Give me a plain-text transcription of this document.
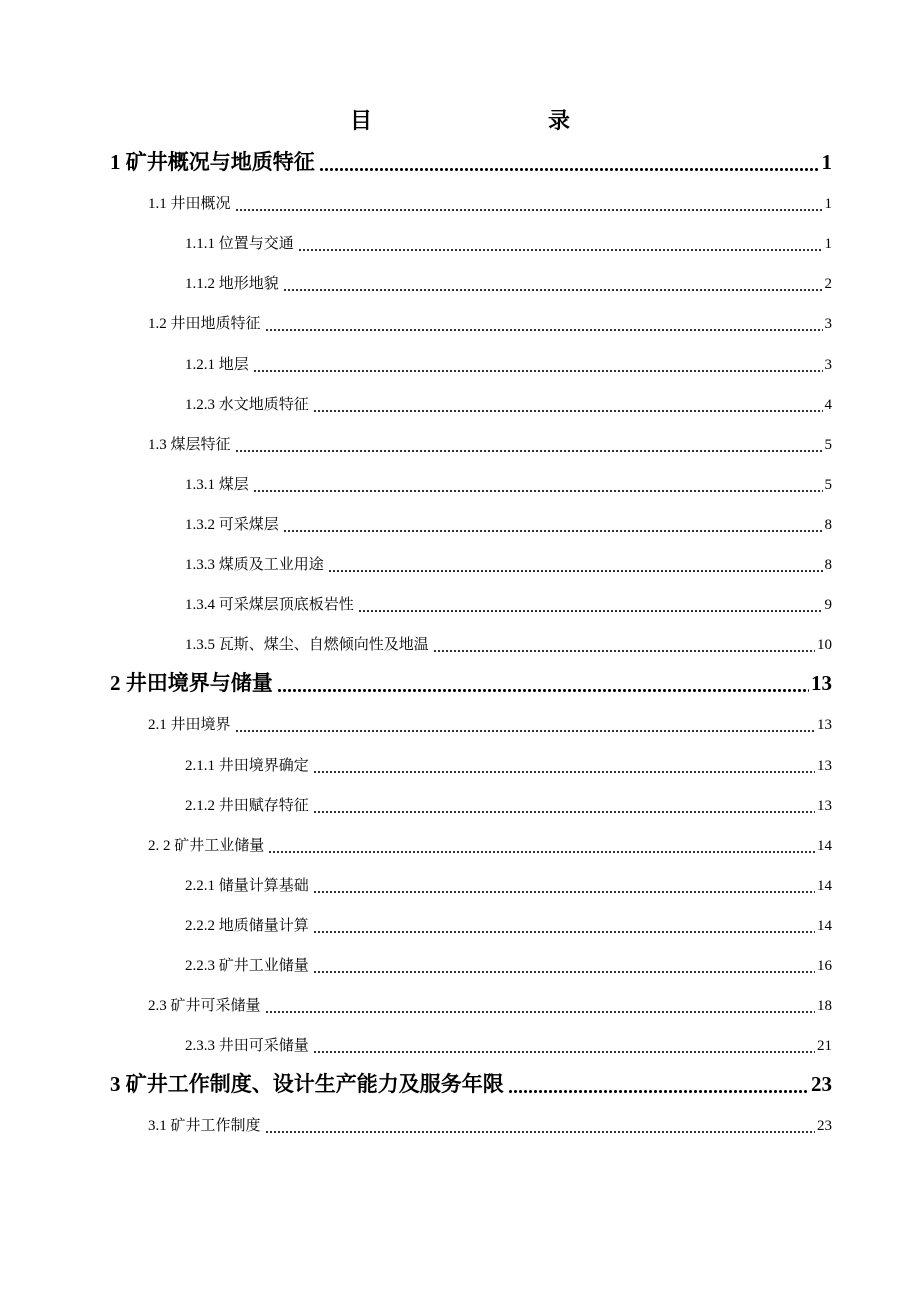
目　　录
1 矿井概况与地质特征	1
1.1 井田概况	1
1.1.1 位置与交通	1
1.1.2 地形地貌	2
1.2 井田地质特征	3
1.2.1 地层	3
1.2.3 水文地质特征	4
1.3 煤层特征	5
1.3.1 煤层	5
1.3.2 可采煤层	8
1.3.3 煤质及工业用途	8
1.3.4 可采煤层顶底板岩性	9
1.3.5 瓦斯、煤尘、自燃倾向性及地温	10
2 井田境界与储量	13
2.1 井田境界	13
2.1.1 井田境界确定	13
2.1.2 井田赋存特征	13
2. 2 矿井工业储量	14
2.2.1 储量计算基础	14
2.2.2 地质储量计算	14
2.2.3 矿井工业储量	16
2.3 矿井可采储量	18
2.3.3 井田可采储量	21
3 矿井工作制度、设计生产能力及服务年限	23
3.1 矿井工作制度	23
